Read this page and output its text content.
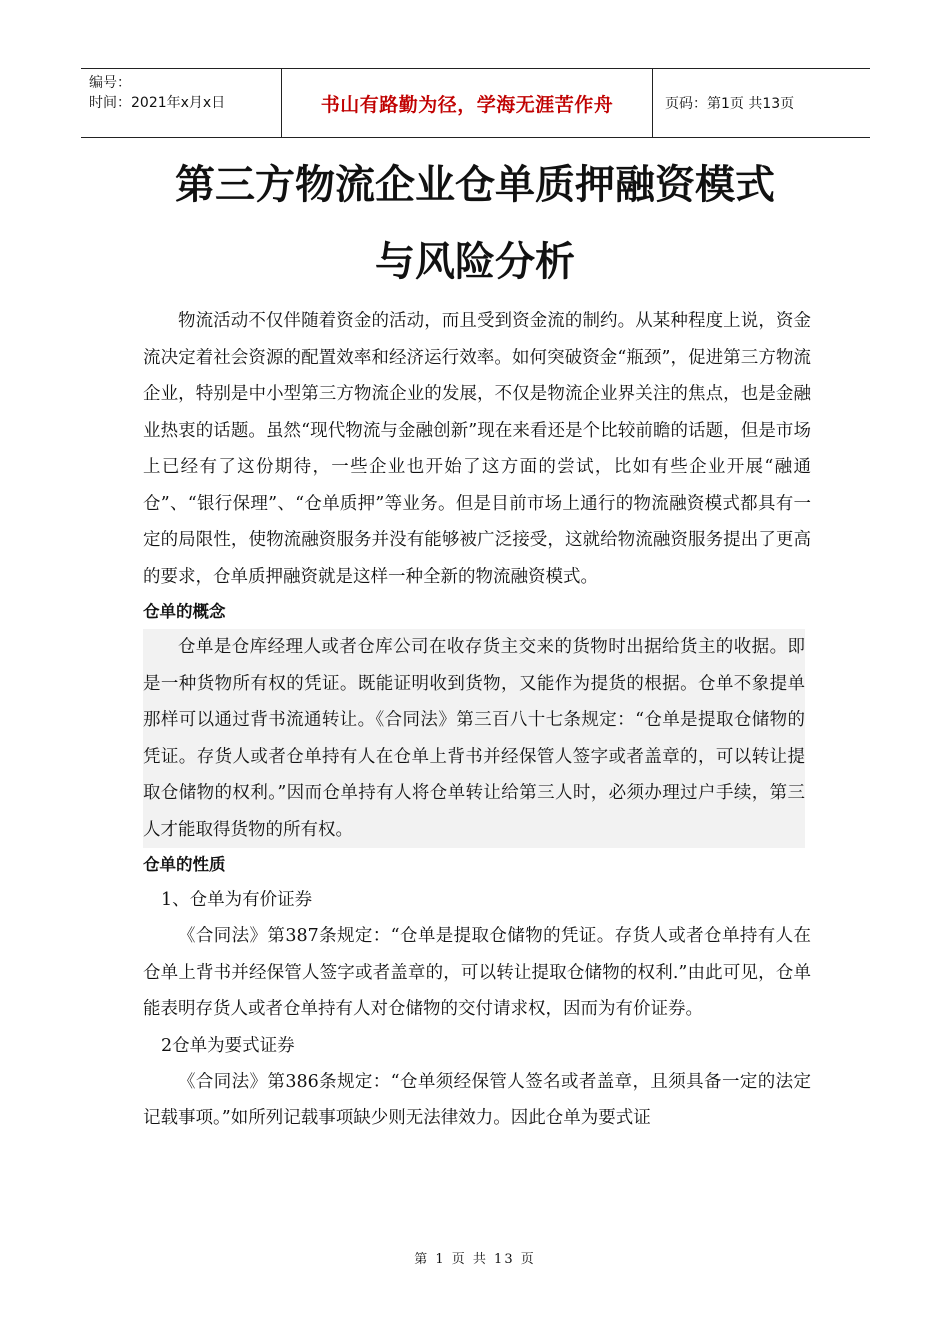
编号：
时间：2021年x月x日	书山有路勤为径，学海无涯苦作舟	页码：第1页 共13页
第三方物流企业仓单质押融资模式
与风险分析

物流活动不仅伴随着资金的活动，而且受到资金流的制约。从某种程度上说，资金流决定着社会资源的配置效率和经济运行效率。如何突破资金“瓶颈”，促进第三方物流企业，特别是中小型第三方物流企业的发展，不仅是物流企业界关注的焦点，也是金融业热衷的话题。虽然“现代物流与金融创新”现在来看还是个比较前瞻的话题，但是市场上已经有了这份期待，一些企业也开始了这方面的尝试，比如有些企业开展“融通仓”、“银行保理”、“仓单质押”等业务。但是目前市场上通行的物流融资模式都具有一定的局限性，使物流融资服务并没有能够被广泛接受，这就给物流融资服务提出了更高的要求，仓单质押融资就是这样一种全新的物流融资模式。

仓单的概念

仓单是仓库经理人或者仓库公司在收存货主交来的货物时出据给货主的收据。即是一种货物所有权的凭证。既能证明收到货物，又能作为提货的根据。仓单不象提单那样可以通过背书流通转让。《合同法》第三百八十七条规定：“仓单是提取仓储物的凭证。存货人或者仓单持有人在仓单上背书并经保管人签字或者盖章的，可以转让提取仓储物的权利。”因而仓单持有人将仓单转让给第三人时，必须办理过户手续，第三人才能取得货物的所有权。

仓单的性质

1、仓单为有价证券

《合同法》第387条规定：“仓单是提取仓储物的凭证。存货人或者仓单持有人在仓单上背书并经保管人签字或者盖章的，可以转让提取仓储物的权利.”由此可见，仓单能表明存货人或者仓单持有人对仓储物的交付请求权，因而为有价证券。

2仓单为要式证券

《合同法》第386条规定：“仓单须经保管人签名或者盖章，且须具备一定的法定记载事项。”如所列记载事项缺少则无法律效力。因此仓单为要式证

第 1 页 共 13 页
